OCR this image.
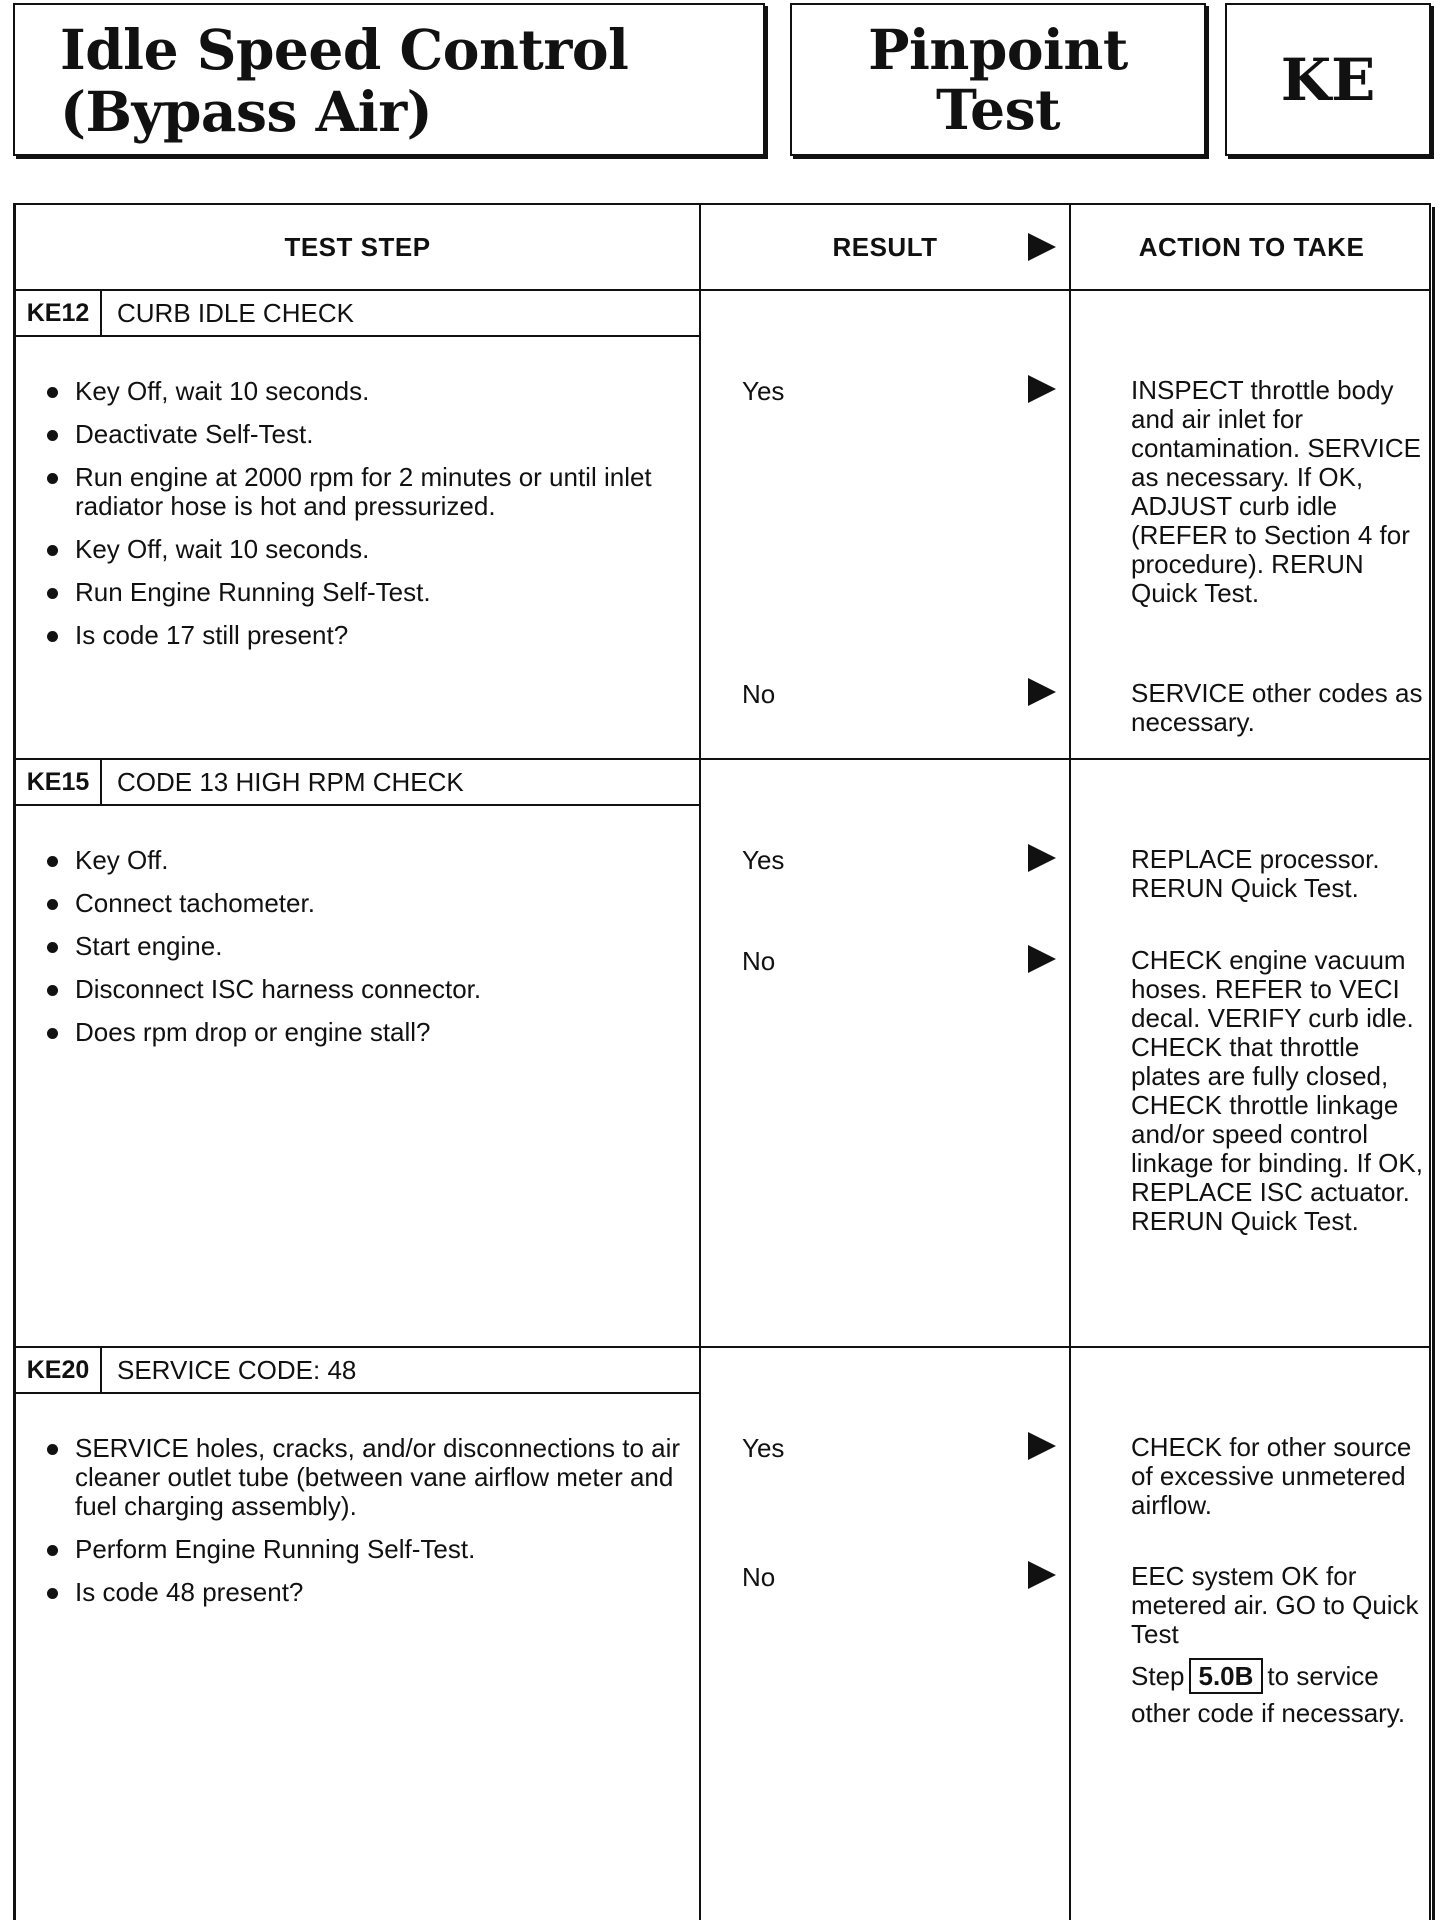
Idle Speed Control
(Bypass Air)
Pinpoint
Test	KE
TEST STEP	RESULT	ACTION TO TAKE
KE12	CURB IDLE CHECK
Key Off, wait 10 seconds.
Deactivate Self-Test.
Run engine at 2000 rpm for 2 minutes or until inlet radiator hose is hot and pressurized.
Key Off, wait 10 seconds.
Run Engine Running Self-Test.
Is code 17 still present?
Yes	INSPECT throttle body and air inlet for contamination. SERVICE as necessary. If OK, ADJUST curb idle (REFER to Section 4 for procedure). RERUN Quick Test.
No	SERVICE other codes as necessary.
KE15	CODE 13 HIGH RPM CHECK
Key Off.
Connect tachometer.
Start engine.
Disconnect ISC harness connector.
Does rpm drop or engine stall?
Yes	REPLACE processor. RERUN Quick Test.
No	CHECK engine vacuum hoses. REFER to VECI decal. VERIFY curb idle. CHECK that throttle plates are fully closed, CHECK throttle linkage and/or speed control linkage for binding. If OK, REPLACE ISC actuator. RERUN Quick Test.
KE20	SERVICE CODE: 48
SERVICE holes, cracks, and/or disconnections to air cleaner outlet tube (between vane airflow meter and fuel charging assembly).
Perform Engine Running Self-Test.
Is code 48 present?
Yes	CHECK for other source of excessive unmetered airflow.
No	EEC system OK for metered air. GO to Quick Test
Step 5.0B to service
other code if necessary.
